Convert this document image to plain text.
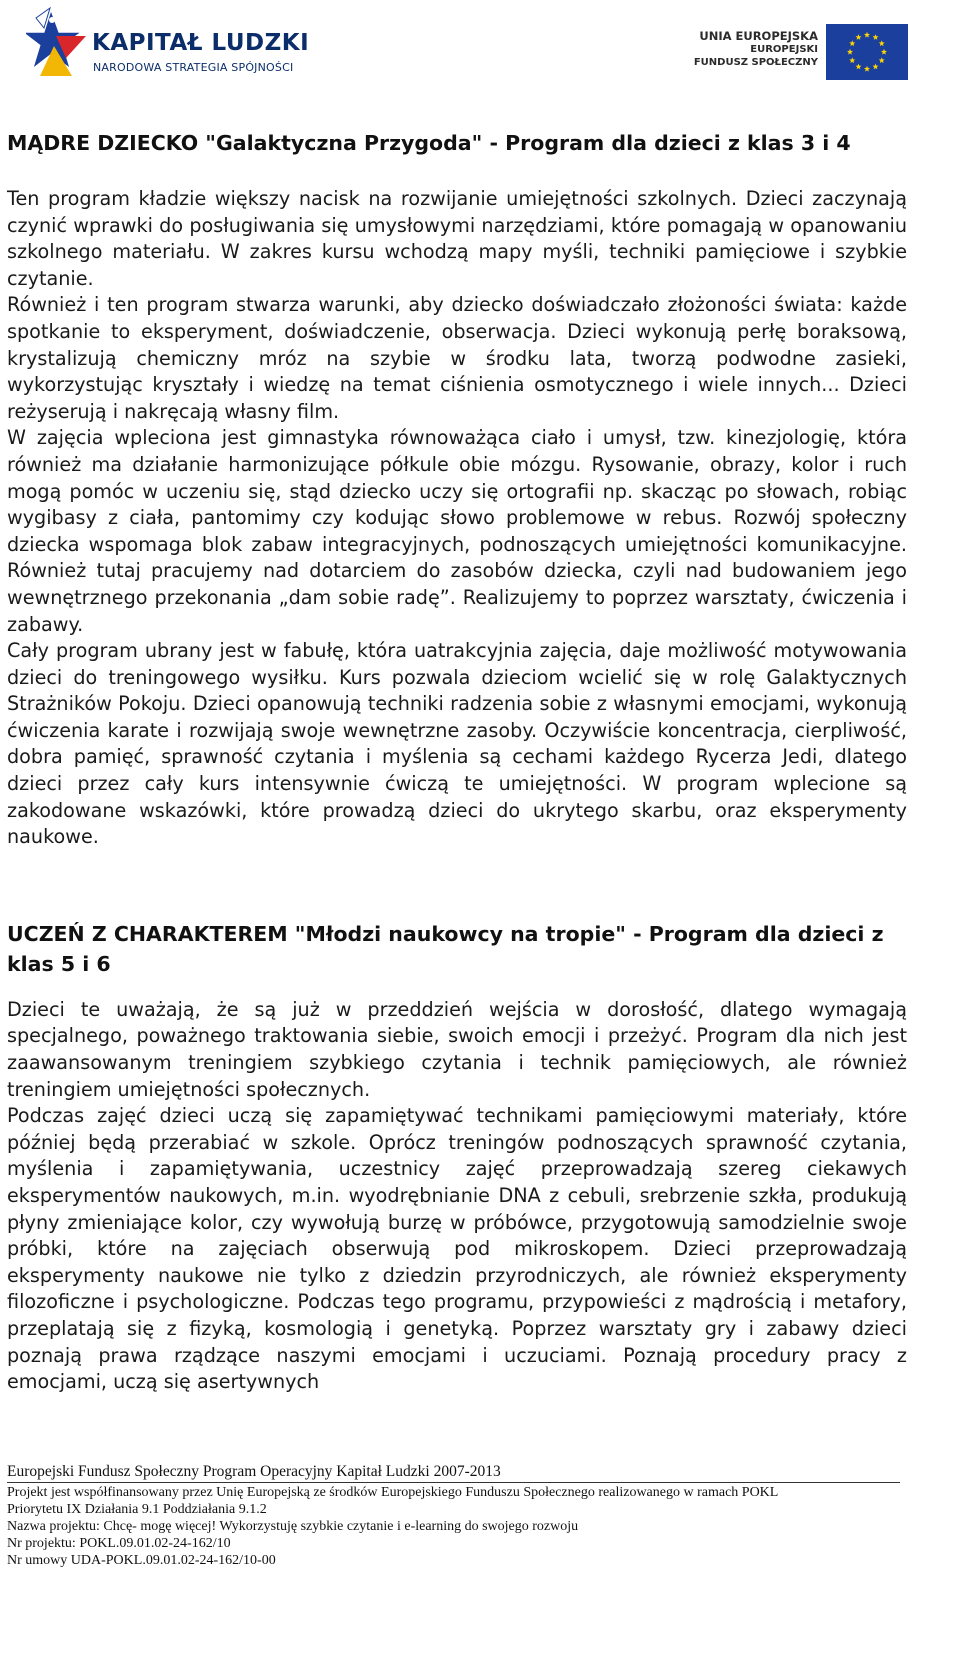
KAPITAŁ LUDZKI
NARODOWA STRATEGIA SPÓJNOŚCI
UNIA EUROPEJSKA
EUROPEJSKI
FUNDUSZ SPOŁECZNY
MĄDRE DZIECKO "Galaktyczna Przygoda" - Program dla dzieci z klas 3 i 4

Ten program kładzie większy nacisk na rozwijanie umiejętności szkolnych. Dzieci zaczynają czynić wprawki do posługiwania się umysłowymi narzędziami, które pomagają w opanowaniu szkolnego materiału. W zakres kursu wchodzą mapy myśli, techniki pamięciowe i szybkie czytanie.

Również i ten program stwarza warunki, aby dziecko doświadczało złożoności świata: każde spotkanie to eksperyment, doświadczenie, obserwacja. Dzieci wykonują perłę boraksową, krystalizują chemiczny mróz na szybie w środku lata, tworzą podwodne zasieki, wykorzystując kryształy i wiedzę na temat ciśnienia osmotycznego i wiele innych... Dzieci reżyserują i nakręcają własny film.

W zajęcia wpleciona jest gimnastyka równoważąca ciało i umysł, tzw. kinezjologię, która również ma działanie harmonizujące półkule obie mózgu. Rysowanie, obrazy, kolor i ruch mogą pomóc w uczeniu się, stąd dziecko uczy się ortografii np. skacząc po słowach, robiąc wygibasy z ciała, pantomimy czy kodując słowo problemowe w rebus. Rozwój społeczny dziecka wspomaga blok zabaw integracyjnych, podnoszących umiejętności komunikacyjne. Również tutaj pracujemy nad dotarciem do zasobów dziecka, czyli nad budowaniem jego wewnętrznego przekonania „dam sobie radę”. Realizujemy to poprzez warsztaty, ćwiczenia i zabawy.

Cały program ubrany jest w fabułę, która uatrakcyjnia zajęcia, daje możliwość motywowania dzieci do treningowego wysiłku. Kurs pozwala dzieciom wcielić się w rolę Galaktycznych Strażników Pokoju. Dzieci opanowują techniki radzenia sobie z własnymi emocjami, wykonują ćwiczenia karate i rozwijają swoje wewnętrzne zasoby. Oczywiście koncentracja, cierpliwość, dobra pamięć, sprawność czytania i myślenia są cechami każdego Rycerza Jedi, dlatego dzieci przez cały kurs intensywnie ćwiczą te umiejętności. W program wplecione są zakodowane wskazówki, które prowadzą dzieci do ukrytego skarbu, oraz eksperymenty naukowe.

UCZEŃ Z CHARAKTEREM "Młodzi naukowcy na tropie" - Program dla dzieci z klas 5 i 6

Dzieci te uważają, że są już w przeddzień wejścia w dorosłość, dlatego wymagają specjalnego, poważnego traktowania siebie, swoich emocji i przeżyć. Program dla nich jest zaawansowanym treningiem szybkiego czytania i technik pamięciowych, ale również treningiem umiejętności społecznych.

Podczas zajęć dzieci uczą się zapamiętywać technikami pamięciowymi materiały, które później będą przerabiać w szkole. Oprócz treningów podnoszących sprawność czytania, myślenia i zapamiętywania, uczestnicy zajęć przeprowadzają szereg ciekawych eksperymentów naukowych, m.in. wyodrębnianie DNA z cebuli, srebrzenie szkła, produkują płyny zmieniające kolor, czy wywołują burzę w próbówce, przygotowują samodzielnie swoje próbki, które na zajęciach obserwują pod mikroskopem. Dzieci przeprowadzają eksperymenty naukowe nie tylko z dziedzin przyrodniczych, ale również eksperymenty filozoficzne i psychologiczne. Podczas tego programu, przypowieści z mądrością i metafory, przeplatają się z fizyką, kosmologią i genetyką. Poprzez warsztaty gry i zabawy dzieci poznają prawa rządzące naszymi emocjami i uczuciami. Poznają procedury pracy z emocjami, uczą się asertywnych

Europejski Fundusz Społeczny Program Operacyjny Kapitał Ludzki 2007-2013
Projekt jest współfinansowany przez Unię Europejską ze środków Europejskiego Funduszu Społecznego realizowanego w ramach POKL
Priorytetu IX Działania 9.1 Poddziałania 9.1.2
Nazwa projektu: Chcę- mogę więcej! Wykorzystuję szybkie czytanie i e-learning do swojego rozwoju
Nr projektu: POKL.09.01.02-24-162/10
Nr umowy UDA-POKL.09.01.02-24-162/10-00
